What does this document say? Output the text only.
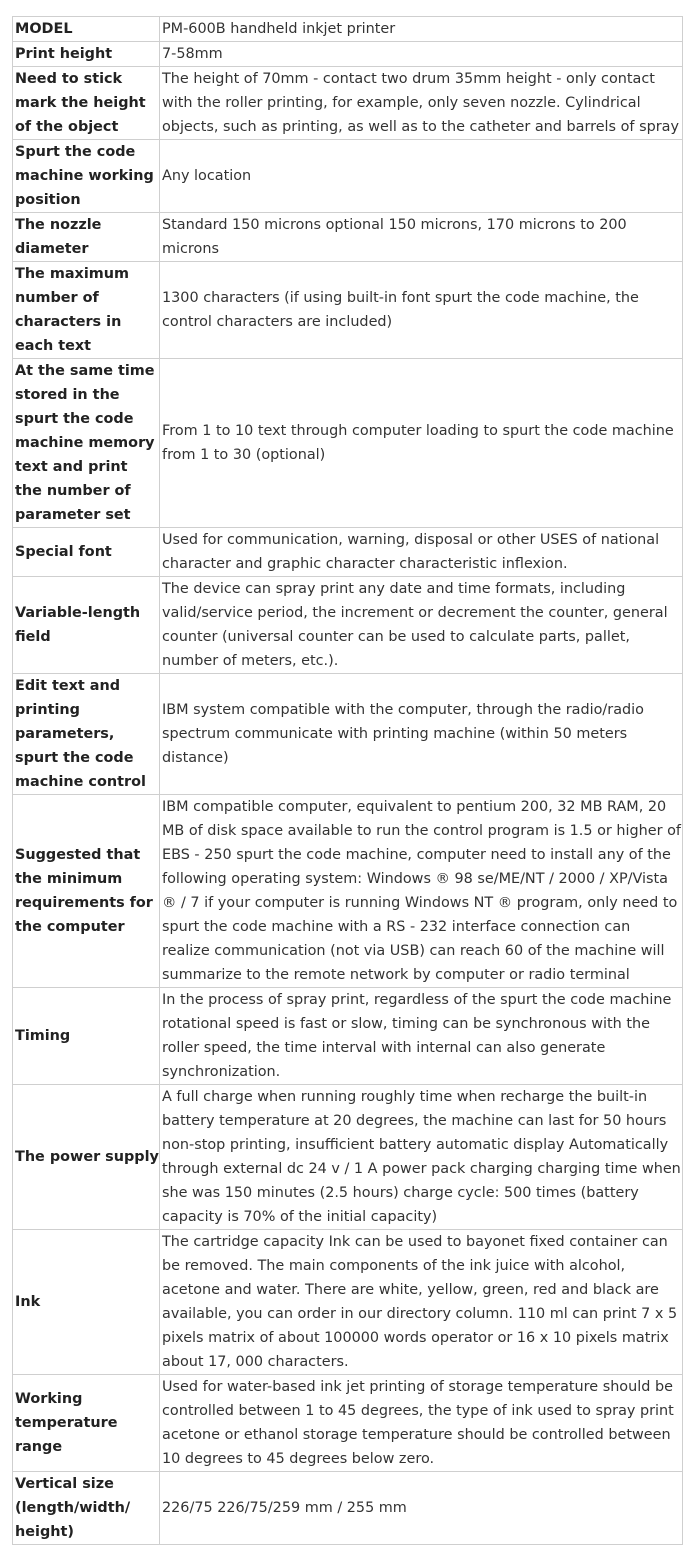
MODEL	PM-600B handheld inkjet printer
Print height	7-58mm
Need to stick mark the height of the object	The height of 70mm - contact two drum 35mm height - only contact with the roller printing, for example, only seven nozzle. Cylindrical objects, such as printing, as well as to the catheter and barrels of spray
Spurt the code machine working position	Any location
The nozzle diameter	Standard 150 microns optional 150 microns, 170 microns to 200 microns
The maximum number of characters in each text	1300 characters (if using built-in font spurt the code machine, the control characters are included)
At the same time stored in the spurt the code machine memory text and print the number of parameter set	From 1 to 10 text through computer loading to spurt the code machine from 1 to 30 (optional)
Special font	Used for communication, warning, disposal or other USES of national character and graphic character characteristic inflexion.
Variable-length field	The device can spray print any date and time formats, including valid/service period, the increment or decrement the counter, general counter (universal counter can be used to calculate parts, pallet, number of meters, etc.).
Edit text and printing parameters, spurt the code machine control	IBM system compatible with the computer, through the radio/radio spectrum communicate with printing machine (within 50 meters distance)
Suggested that the minimum requirements for the computer	IBM compatible computer, equivalent to pentium 200, 32 MB RAM, 20 MB of disk space available to run the control program is 1.5 or higher of EBS - 250 spurt the code machine, computer need to install any of the following operating system: Windows ® 98 se/ME/NT / 2000 / XP/Vista ® / 7 if your computer is running Windows NT ® program, only need to spurt the code machine with a RS - 232 interface connection can realize communication (not via USB) can reach 60 of the machine will summarize to the remote network by computer or radio terminal
Timing	In the process of spray print, regardless of the spurt the code machine rotational speed is fast or slow, timing can be synchronous with the roller speed, the time interval with internal can also generate synchronization.
The power supply	A full charge when running roughly time when recharge the built-in battery temperature at 20 degrees, the machine can last for 50 hours non-stop printing, insufficient battery automatic display Automatically through external dc 24 v / 1 A power pack charging charging time when she was 150 minutes (2.5 hours) charge cycle: 500 times (battery capacity is 70% of the initial capacity)
Ink	The cartridge capacity Ink can be used to bayonet fixed container can be removed. The main components of the ink juice with alcohol, acetone and water. There are white, yellow, green, red and black are available, you can order in our directory column. 110 ml can print 7 x 5 pixels matrix of about 100000 words operator or 16 x 10 pixels matrix about 17, 000 characters.
Working temperature range	Used for water-based ink jet printing of storage temperature should be controlled between 1 to 45 degrees, the type of ink used to spray print acetone or ethanol storage temperature should be controlled between 10 degrees to 45 degrees below zero.
Vertical size (length/width/ height)	226/75 226/75/259 mm / 255 mm
